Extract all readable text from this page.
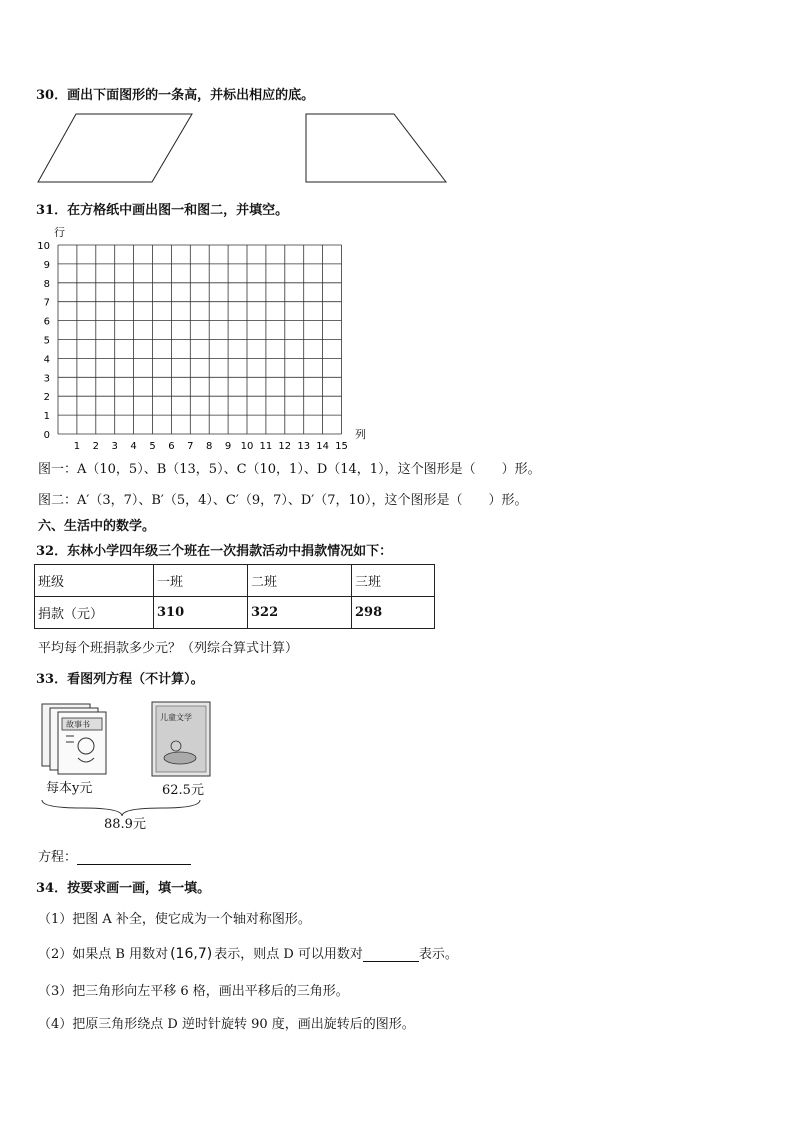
30．画出下面图形的一条高，并标出相应的底。
31．在方格纸中画出图一和图二，并填空。
行
列
10
9
8
7
6
5
4
3
2
1
0
1 2 3 4 5 6 7 8 9 10 11 12 13 14 15
图一：A（10，5）、B（13，5）、C（10，1）、D（14，1），这个图形是（　　）形。
图二：A′（3，7）、B′（5，4）、C′（9，7）、D′（7，10），这个图形是（　　）形。
六、生活中的数学。
32．东林小学四年级三个班在一次捐款活动中捐款情况如下：
班级	一班	二班	三班
捐款（元）	310	322	298
平均每个班捐款多少元？（列综合算式计算）
33．看图列方程（不计算）。
故事书
儿童文学
每本y元	62.5元
88.9元
方程：
34．按要求画一画，填一填。
（1）把图 A 补全，使它成为一个轴对称图形。
（2）如果点 B 用数对 (16,7) 表示，则点 D 可以用数对	表示。
（3）把三角形向左平移 6 格，画出平移后的三角形。
（4）把原三角形绕点 D 逆时针旋转 90 度，画出旋转后的图形。
